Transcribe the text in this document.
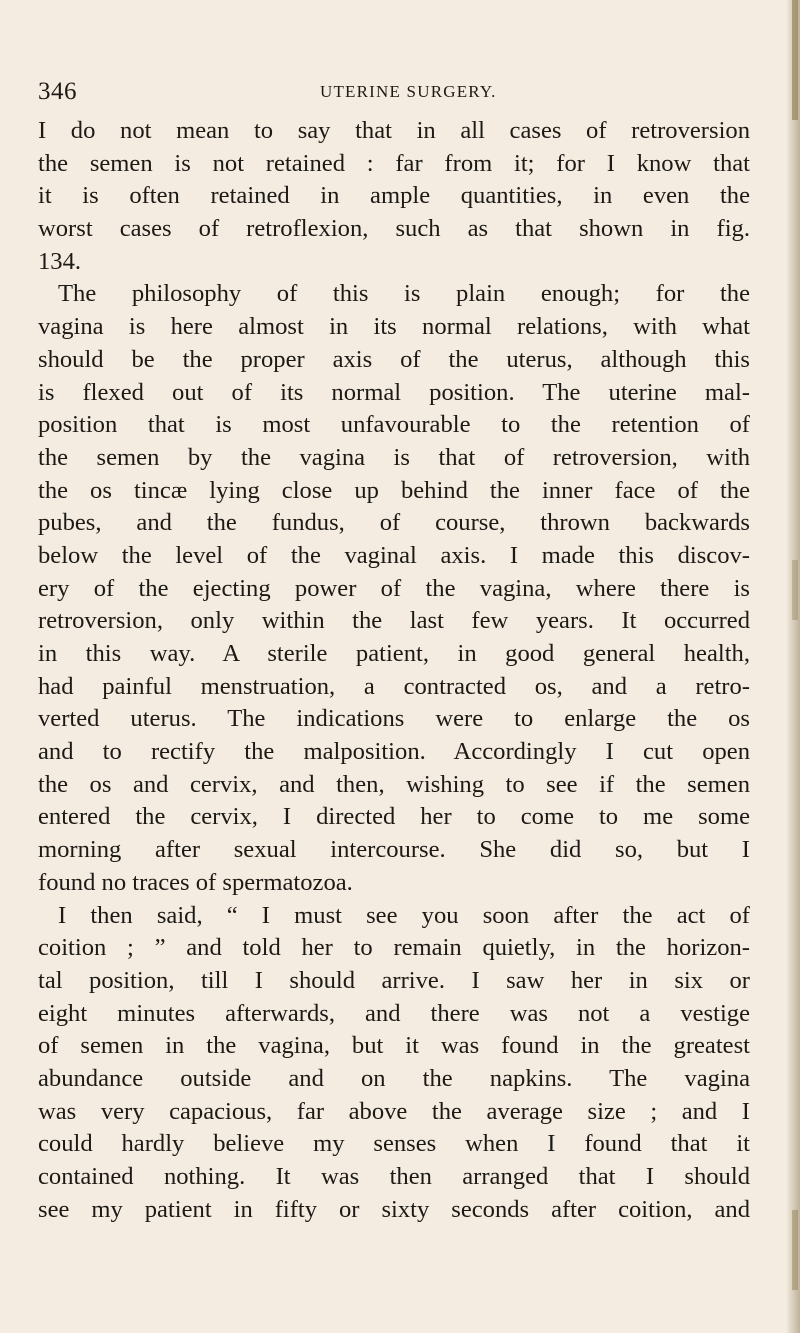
346	UTERINE SURGERY.
I do not mean to say that in all cases of retroversion
the semen is not retained : far from it; for I know that
it is often retained in ample quantities, in even the
worst cases of retroflexion, such as that shown in fig.
134.
The philosophy of this is plain enough; for the
vagina is here almost in its normal relations, with what
should be the proper axis of the uterus, although this
is flexed out of its normal position. The uterine mal-
position that is most unfavourable to the retention of
the semen by the vagina is that of retroversion, with
the os tincæ lying close up behind the inner face of the
pubes, and the fundus, of course, thrown backwards
below the level of the vaginal axis. I made this discov-
ery of the ejecting power of the vagina, where there is
retroversion, only within the last few years. It occurred
in this way. A sterile patient, in good general health,
had painful menstruation, a contracted os, and a retro-
verted uterus. The indications were to enlarge the os
and to rectify the malposition. Accordingly I cut open
the os and cervix, and then, wishing to see if the semen
entered the cervix, I directed her to come to me some
morning after sexual intercourse. She did so, but I
found no traces of spermatozoa.
I then said, “ I must see you soon after the act of
coition ; ” and told her to remain quietly, in the horizon-
tal position, till I should arrive. I saw her in six or
eight minutes afterwards, and there was not a vestige
of semen in the vagina, but it was found in the greatest
abundance outside and on the napkins. The vagina
was very capacious, far above the average size ; and I
could hardly believe my senses when I found that it
contained nothing. It was then arranged that I should
see my patient in fifty or sixty seconds after coition, and
